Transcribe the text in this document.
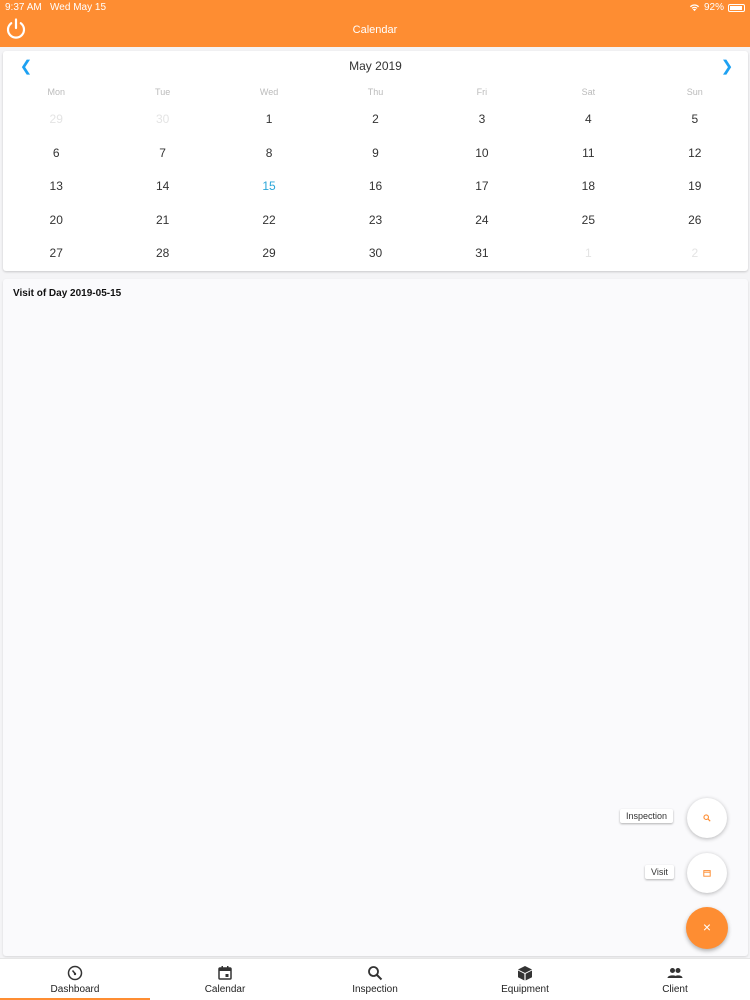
9:37 AM Wed May 15	92%
Calendar
❮	May 2019	❯
Mon	Tue	Wed	Thu	Fri	Sat	Sun
29	30	1	2	3	4	5
6	7	8	9	10	11	12
13	14	15	16	17	18	19
20	21	22	23	24	25	26
27	28	29	30	31	1	2
Visit of Day 2019-05-15
Inspection
Visit
×
Dashboard	Calendar	Inspection	Equipment	Client
